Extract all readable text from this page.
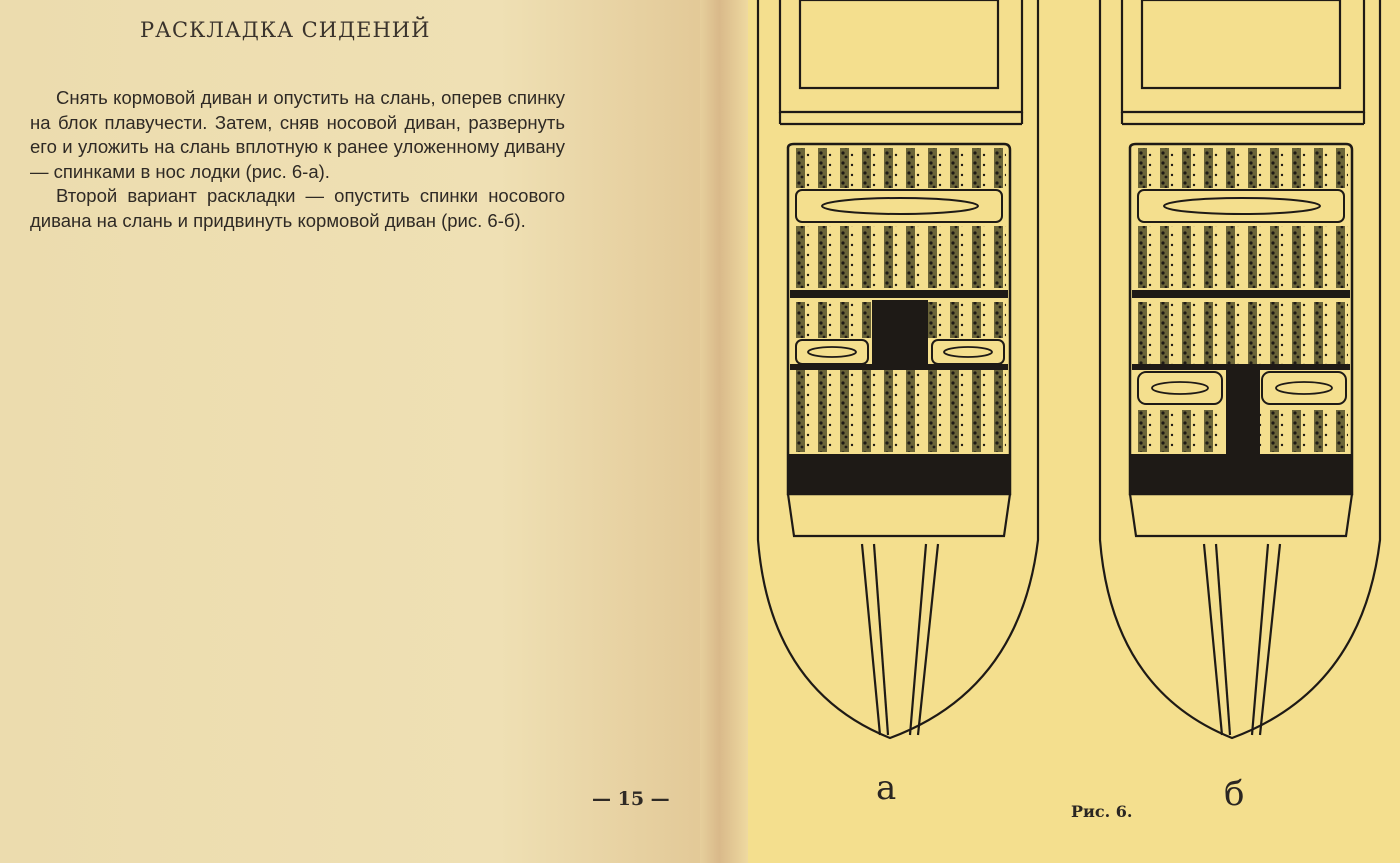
РАСКЛАДКА СИДЕНИЙ

Снять кормовой диван и опустить на слань, оперев спинку на блок плавучести. Затем, сняв носовой диван, развернуть его и уложить на слань вплотную к ранее уложенному дивану — спинками в нос лодки (рис. 6-а).

Второй вариант раскладки — опустить спинки носового дивана на слань и придвинуть кормовой диван (рис. 6-б).

— 15 —	а	б
Рис. 6.
